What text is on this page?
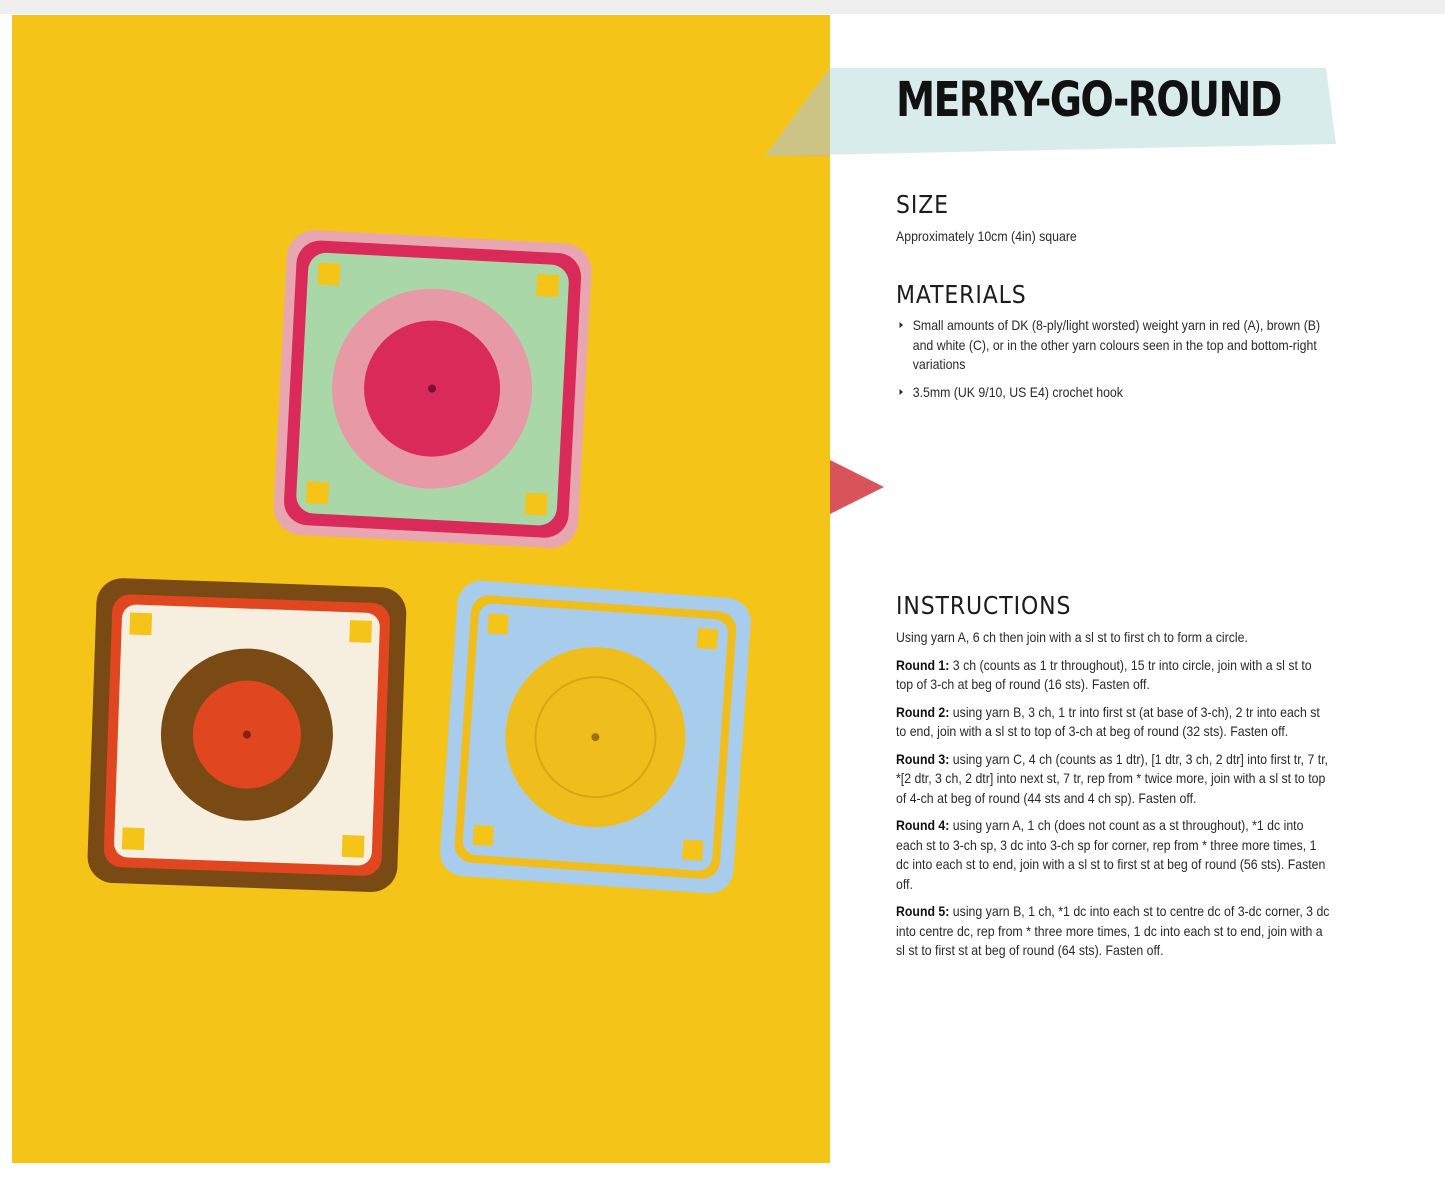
MERRY-GO-ROUND
SIZE
Approximately 10cm (4in) square
MATERIALS
Small amounts of DK (8-ply/light worsted) weight yarn in red (A), brown (B) and white (C), or in the other yarn colours seen in the top and bottom-right variations
3.5mm (UK 9/10, US E4) crochet hook
INSTRUCTIONS

Using yarn A, 6 ch then join with a sl st to first ch to form a circle.

Round 1: 3 ch (counts as 1 tr throughout), 15 tr into circle, join with a sl st to top of 3-ch at beg of round (16 sts). Fasten off.

Round 2: using yarn B, 3 ch, 1 tr into first st (at base of 3-ch), 2 tr into each st to end, join with a sl st to top of 3-ch at beg of round (32 sts). Fasten off.

Round 3: using yarn C, 4 ch (counts as 1 dtr), [1 dtr, 3 ch, 2 dtr] into first tr, 7 tr, *[2 dtr, 3 ch, 2 dtr] into next st, 7 tr, rep from * twice more, join with a sl st to top of 4-ch at beg of round (44 sts and 4 ch sp). Fasten off.

Round 4: using yarn A, 1 ch (does not count as a st throughout), *1 dc into each st to 3-ch sp, 3 dc into 3-ch sp for corner, rep from * three more times, 1 dc into each st to end, join with a sl st to first st at beg of round (56 sts). Fasten off.

Round 5: using yarn B, 1 ch, *1 dc into each st to centre dc of 3-dc corner, 3 dc into centre dc, rep from * three more times, 1 dc into each st to end, join with a sl st to first st at beg of round (64 sts). Fasten off.
